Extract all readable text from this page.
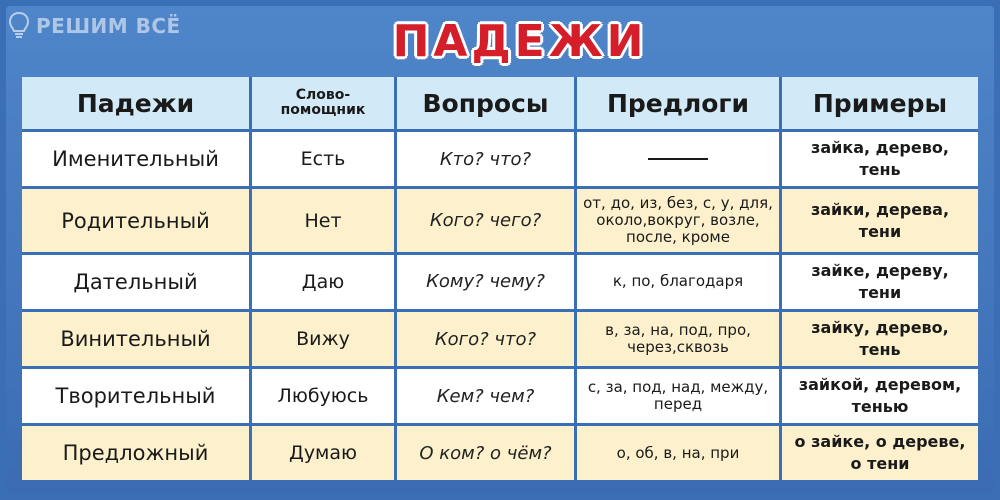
РЕШИМ ВСЁ	ПАДЕЖИ
Падежи	Слово-
помощник	Вопросы	Предлоги	Примеры
Именительный	Есть	Кто? что?		зайка, дерево,
тень
Родительный	Нет	Кого? чего?	от, до, из, без, с, у, для, около,вокруг, возле, после, кроме	зайки, дерева,
тени
Дательный	Даю	Кому? чему?	к, по, благодаря	зайке, дереву,
тени
Винительный	Вижу	Кого? что?	в, за, на, под, про, через,сквозь	зайку, дерево,
тень
Творительный	Любуюсь	Кем? чем?	с, за, под, над, между, перед	зайкой, деревом,
тенью
Предложный	Думаю	О ком? о чём?	о, об, в, на, при	о зайке, о дереве,
о тени
